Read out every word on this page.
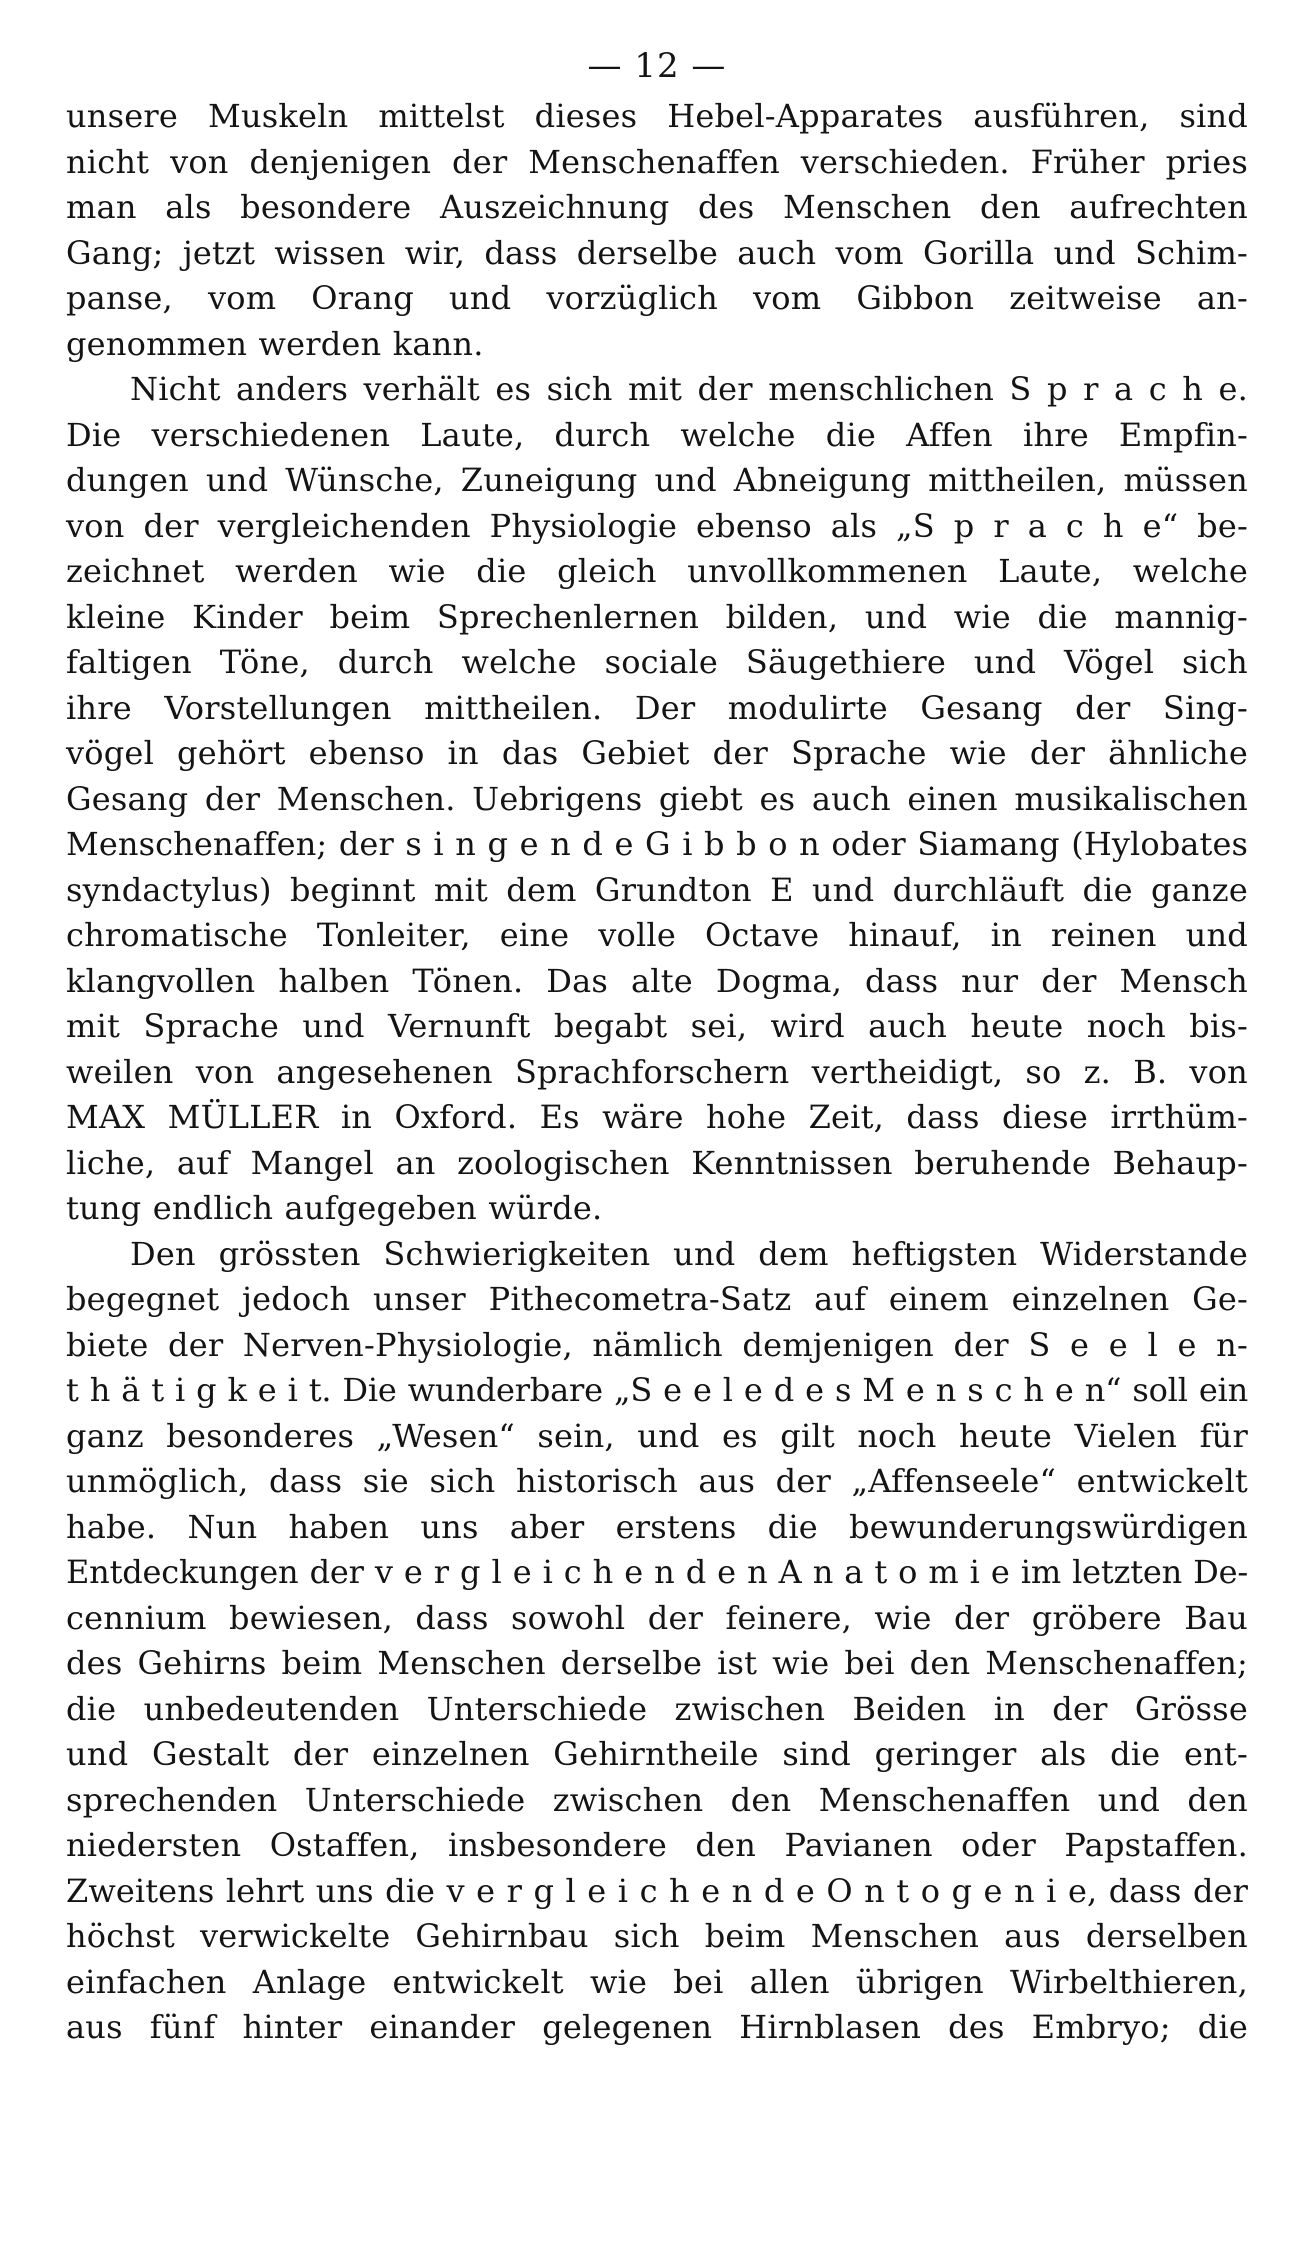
— 12 —
unsere Muskeln mittelst dieses Hebel-Apparates ausführen, sind
nicht von denjenigen der Menschenaffen verschieden. Früher pries
man als besondere Auszeichnung des Menschen den aufrechten
Gang; jetzt wissen wir, dass derselbe auch vom Gorilla und Schim-
panse, vom Orang und vorzüglich vom Gibbon zeitweise an-
genommen werden kann.
Nicht anders verhält es sich mit der menschlichen S p r a c h e.
Die verschiedenen Laute, durch welche die Affen ihre Empfin-
dungen und Wünsche, Zuneigung und Abneigung mittheilen, müssen
von der vergleichenden Physiologie ebenso als „S p r a c h e“ be-
zeichnet werden wie die gleich unvollkommenen Laute, welche
kleine Kinder beim Sprechenlernen bilden, und wie die mannig-
faltigen Töne, durch welche sociale Säugethiere und Vögel sich
ihre Vorstellungen mittheilen. Der modulirte Gesang der Sing-
vögel gehört ebenso in das Gebiet der Sprache wie der ähnliche
Gesang der Menschen. Uebrigens giebt es auch einen musikalischen
Menschenaffen; der s i n g e n d e G i b b o n oder Siamang (Hylobates
syndactylus) beginnt mit dem Grundton E und durchläuft die ganze
chromatische Tonleiter, eine volle Octave hinauf, in reinen und
klangvollen halben Tönen. Das alte Dogma, dass nur der Mensch
mit Sprache und Vernunft begabt sei, wird auch heute noch bis-
weilen von angesehenen Sprachforschern vertheidigt, so z. B. von
MAX MÜLLER in Oxford. Es wäre hohe Zeit, dass diese irrthüm-
liche, auf Mangel an zoologischen Kenntnissen beruhende Behaup-
tung endlich aufgegeben würde.
Den grössten Schwierigkeiten und dem heftigsten Widerstande
begegnet jedoch unser Pithecometra-Satz auf einem einzelnen Ge-
biete der Nerven-Physiologie, nämlich demjenigen der S e e l e n-
t h ä t i g k e i t. Die wunderbare „S e e l e d e s M e n s c h e n“ soll ein
ganz besonderes „Wesen“ sein, und es gilt noch heute Vielen für
unmöglich, dass sie sich historisch aus der „Affenseele“ entwickelt
habe. Nun haben uns aber erstens die bewunderungswürdigen
Entdeckungen der v e r g l e i c h e n d e n A n a t o m i e im letzten De-
cennium bewiesen, dass sowohl der feinere, wie der gröbere Bau
des Gehirns beim Menschen derselbe ist wie bei den Menschenaffen;
die unbedeutenden Unterschiede zwischen Beiden in der Grösse
und Gestalt der einzelnen Gehirntheile sind geringer als die ent-
sprechenden Unterschiede zwischen den Menschenaffen und den
niedersten Ostaffen, insbesondere den Pavianen oder Papstaffen.
Zweitens lehrt uns die v e r g l e i c h e n d e O n t o g e n i e, dass der
höchst verwickelte Gehirnbau sich beim Menschen aus derselben
einfachen Anlage entwickelt wie bei allen übrigen Wirbelthieren,
aus fünf hinter einander gelegenen Hirnblasen des Embryo; die
